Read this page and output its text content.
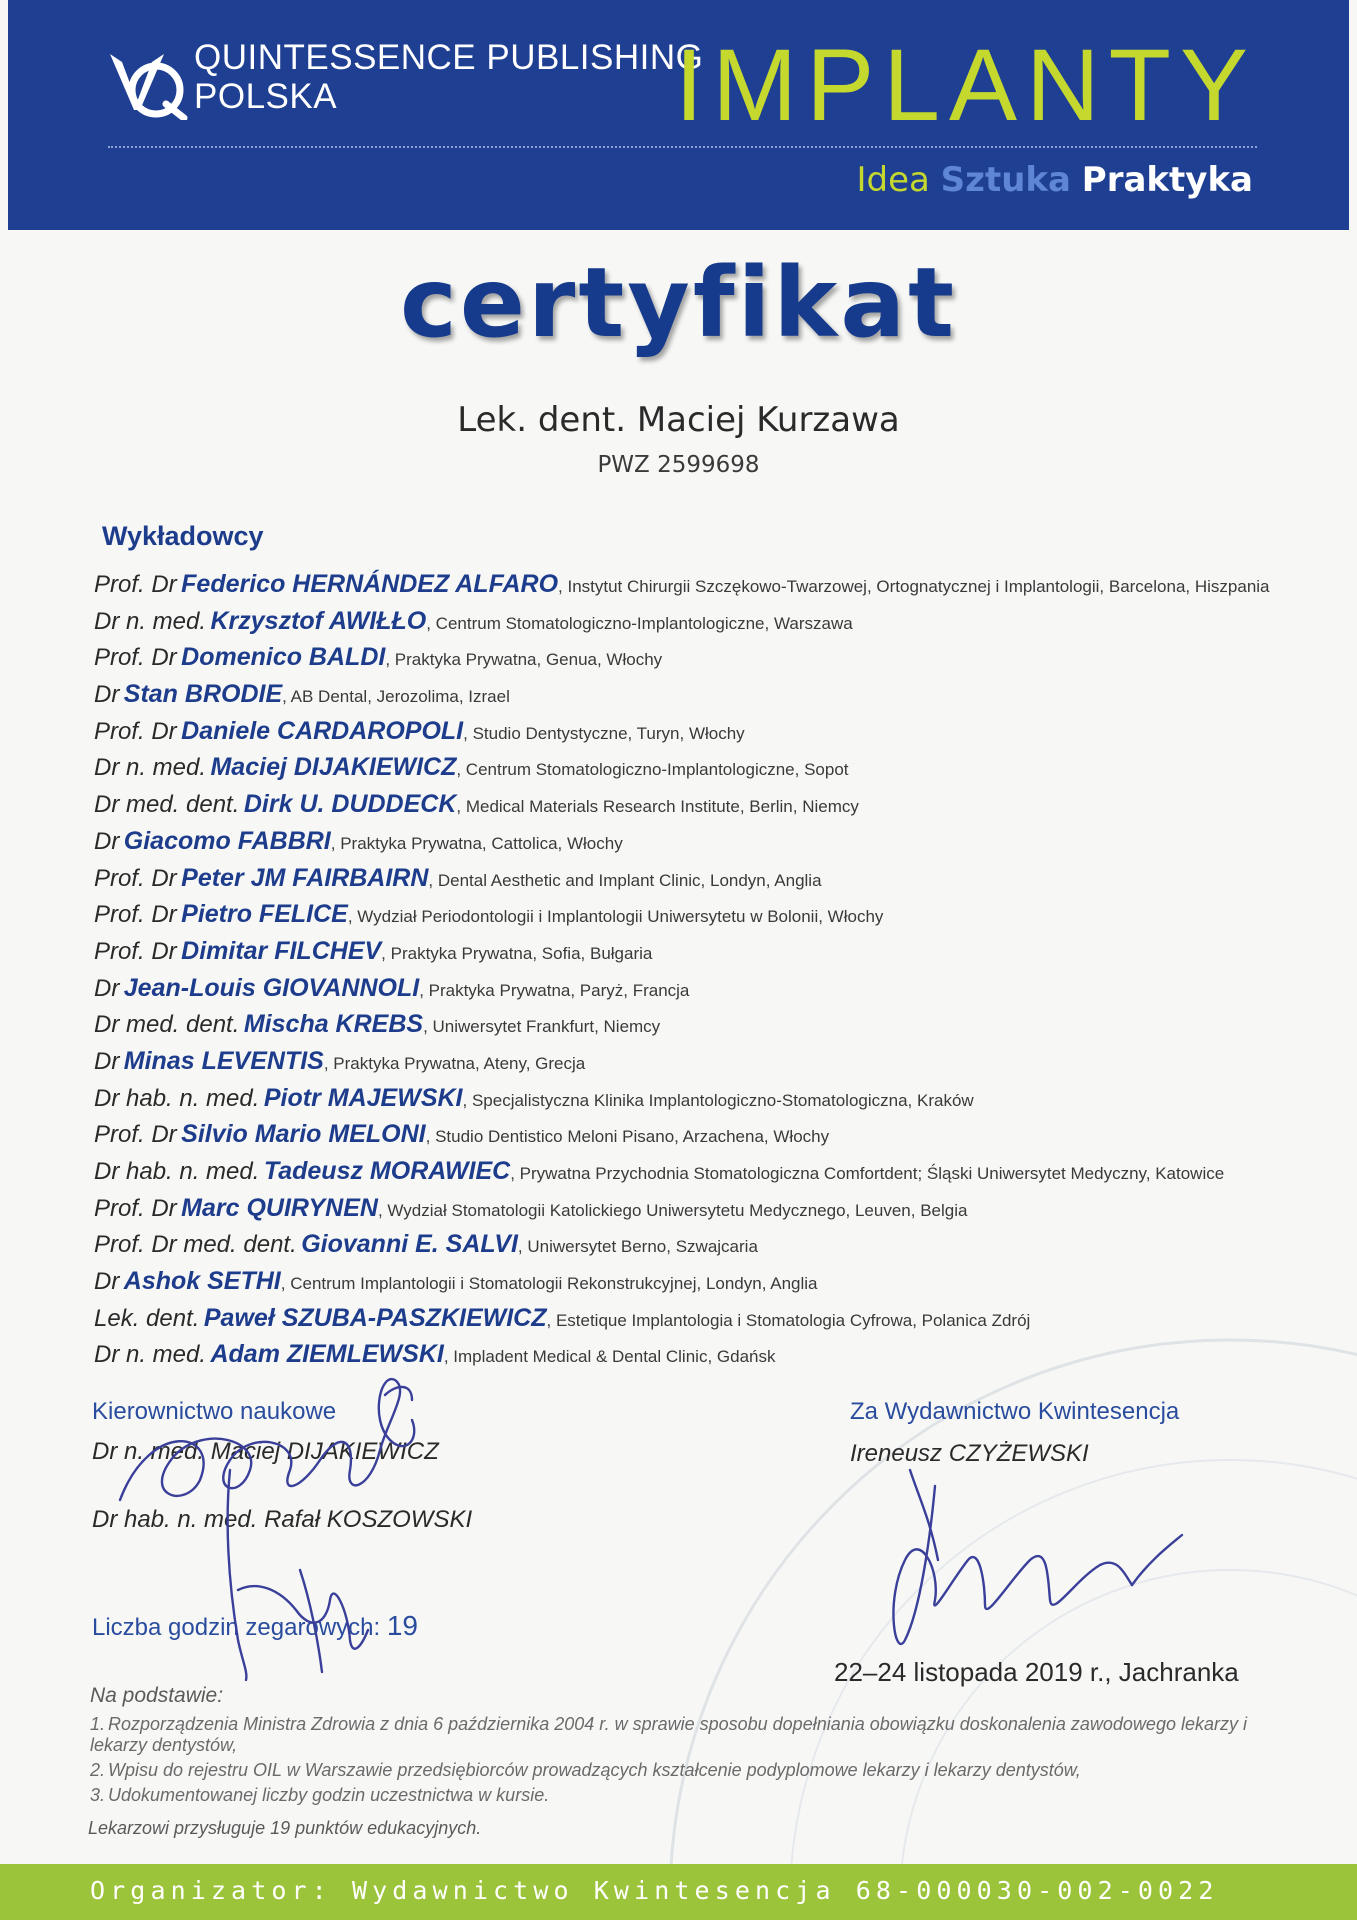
QUINTESSENCE PUBLISHING
POLSKA	IMPLANTY
Idea Sztuka Praktyka
certyfikat
Lek. dent. Maciej Kurzawa
PWZ 2599698
Wykładowcy
Prof. Dr Federico HERNÁNDEZ ALFARO, Instytut Chirurgii Szczękowo-Twarzowej, Ortognatycznej i Implantologii, Barcelona, Hiszpania
Dr n. med. Krzysztof AWIŁŁO, Centrum Stomatologiczno-Implantologiczne, Warszawa
Prof. Dr Domenico BALDI, Praktyka Prywatna, Genua, Włochy
Dr Stan BRODIE, AB Dental, Jerozolima, Izrael
Prof. Dr Daniele CARDAROPOLI, Studio Dentystyczne, Turyn, Włochy
Dr n. med. Maciej DIJAKIEWICZ, Centrum Stomatologiczno-Implantologiczne, Sopot
Dr med. dent. Dirk U. DUDDECK, Medical Materials Research Institute, Berlin, Niemcy
Dr Giacomo FABBRI, Praktyka Prywatna, Cattolica, Włochy
Prof. Dr Peter JM FAIRBAIRN, Dental Aesthetic and Implant Clinic, Londyn, Anglia
Prof. Dr Pietro FELICE, Wydział Periodontologii i Implantologii Uniwersytetu w Bolonii, Włochy
Prof. Dr Dimitar FILCHEV, Praktyka Prywatna, Sofia, Bułgaria
Dr Jean-Louis GIOVANNOLI, Praktyka Prywatna, Paryż, Francja
Dr med. dent. Mischa KREBS, Uniwersytet Frankfurt, Niemcy
Dr Minas LEVENTIS, Praktyka Prywatna, Ateny, Grecja
Dr hab. n. med. Piotr MAJEWSKI, Specjalistyczna Klinika Implantologiczno-Stomatologiczna, Kraków
Prof. Dr Silvio Mario MELONI, Studio Dentistico Meloni Pisano, Arzachena, Włochy
Dr hab. n. med. Tadeusz MORAWIEC, Prywatna Przychodnia Stomatologiczna Comfortdent; Śląski Uniwersytet Medyczny, Katowice
Prof. Dr Marc QUIRYNEN, Wydział Stomatologii Katolickiego Uniwersytetu Medycznego, Leuven, Belgia
Prof. Dr med. dent. Giovanni E. SALVI, Uniwersytet Berno, Szwajcaria
Dr Ashok SETHI, Centrum Implantologii i Stomatologii Rekonstrukcyjnej, Londyn, Anglia
Lek. dent. Paweł SZUBA-PASZKIEWICZ, Estetique Implantologia i Stomatologia Cyfrowa, Polanica Zdrój
Dr n. med. Adam ZIEMLEWSKI, Impladent Medical & Dental Clinic, Gdańsk
Kierownictwo naukowe
Dr n. med. Maciej DIJAKIEWICZ
Dr hab. n. med. Rafał KOSZOWSKI
Za Wydawnictwo Kwintesencja
Ireneusz CZYŻEWSKI
Liczba godzin zegarowych: 19
22–24 listopada 2019 r., Jachranka
Na podstawie:
1. Rozporządzenia Ministra Zdrowia z dnia 6 października 2004 r. w sprawie sposobu dopełniania obowiązku doskonalenia zawodowego lekarzy i lekarzy dentystów,
2. Wpisu do rejestru OIL w Warszawie przedsiębiorców prowadzących kształcenie podyplomowe lekarzy i lekarzy dentystów,
3. Udokumentowanej liczby godzin uczestnictwa w kursie.
Lekarzowi przysługuje 19 punktów edukacyjnych.
Organizator: Wydawnictwo Kwintesencja 68-000030-002-0022
